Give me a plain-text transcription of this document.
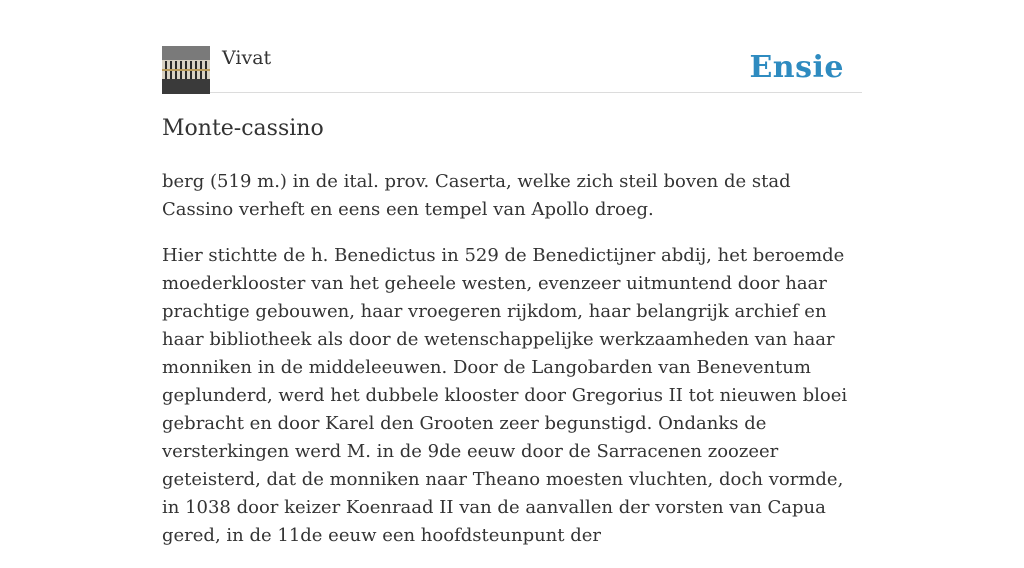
Vivat	Ensie
Monte-cassino

berg (519 m.) in de ital. prov. Caserta, welke zich steil boven de stad Cassino verheft en eens een tempel van Apollo droeg.

Hier stichtte de h. Benedictus in 529 de Benedictijner abdij, het beroemde moederklooster van het geheele westen, evenzeer uitmuntend door haar prachtige gebouwen, haar vroegeren rijkdom, haar belangrijk archief en haar bibliotheek als door de wetenschappelijke werkzaamheden van haar monniken in de middeleeuwen. Door de Langobarden van Beneventum geplunderd, werd het dubbele klooster door Gregorius II tot nieuwen bloei gebracht en door Karel den Grooten zeer begunstigd. Ondanks de versterkingen werd M. in de 9de eeuw door de Sarracenen zoozeer geteisterd, dat de monniken naar Theano moesten vluchten, doch vormde, in 1038 door keizer Koenraad II van de aanvallen der vorsten van Capua gered, in de 11de eeuw een hoofdsteunpunt der
